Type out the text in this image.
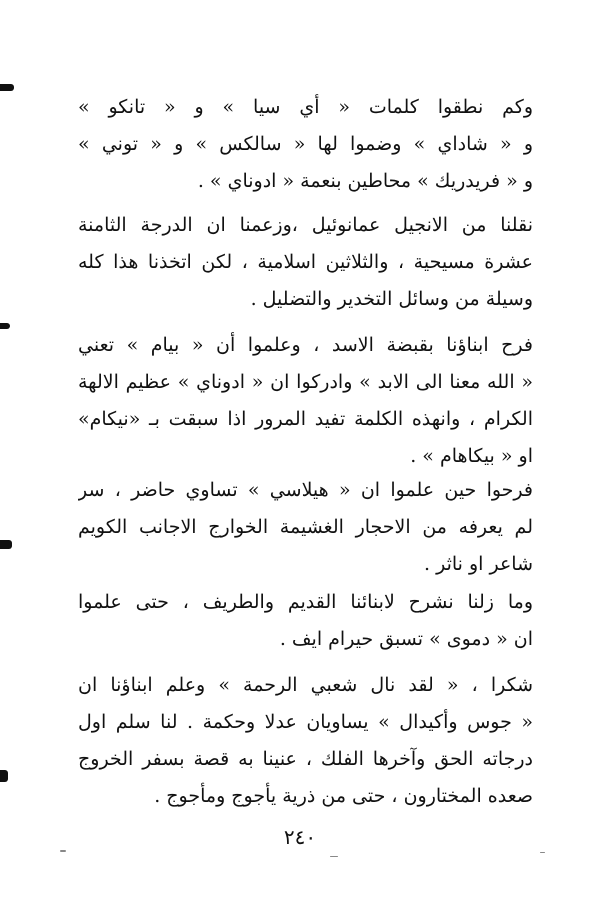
وكم نطقوا كلمات « أي سيا » و « تانكو »
و « شاداي » وضموا لها « سالكس » و « توني »
و « فريدريك » محاطين بنعمة « ادوناي » .
نقلنا من الانجيل عمانوئيل ،وزعمنا ان الدرجة الثامنة
عشرة مسيحية ، والثلاثين اسلامية ، لكن اتخذنا هذا كله
وسيلة من وسائل التخدير والتضليل .
فرح ابناؤنا بقبضة الاسد ، وعلموا أن « بيام » تعني
« الله معنا الى الابد » وادركوا ان « ادوناي » عظيم الالهة
الكرام ، وانهذه الكلمة تفيد المرور اذا سبقت بـ «نيكام»
او « بيكاهام » .
فرحوا حين علموا ان « هيلاسي » تساوي حاضر ، سر
لم يعرفه من الاحجار الغشيمة الخوارج الاجانب الكويم
شاعر او ناثر .
وما زلنا نشرح لابنائنا القديم والطريف ، حتى علموا
ان « دموى » تسبق حيرام ايف .
شكرا ، « لقد نال شعبي الرحمة » وعلم ابناؤنا ان
« جوس وأكيدال » يساويان عدلا وحكمة . لنا سلم اول
درجاته الحق وآخرها الفلك ، عنينا به قصة بسفر الخروج
صعده المختارون ، حتى من ذرية يأجوج ومأجوج .
٢٤٠
